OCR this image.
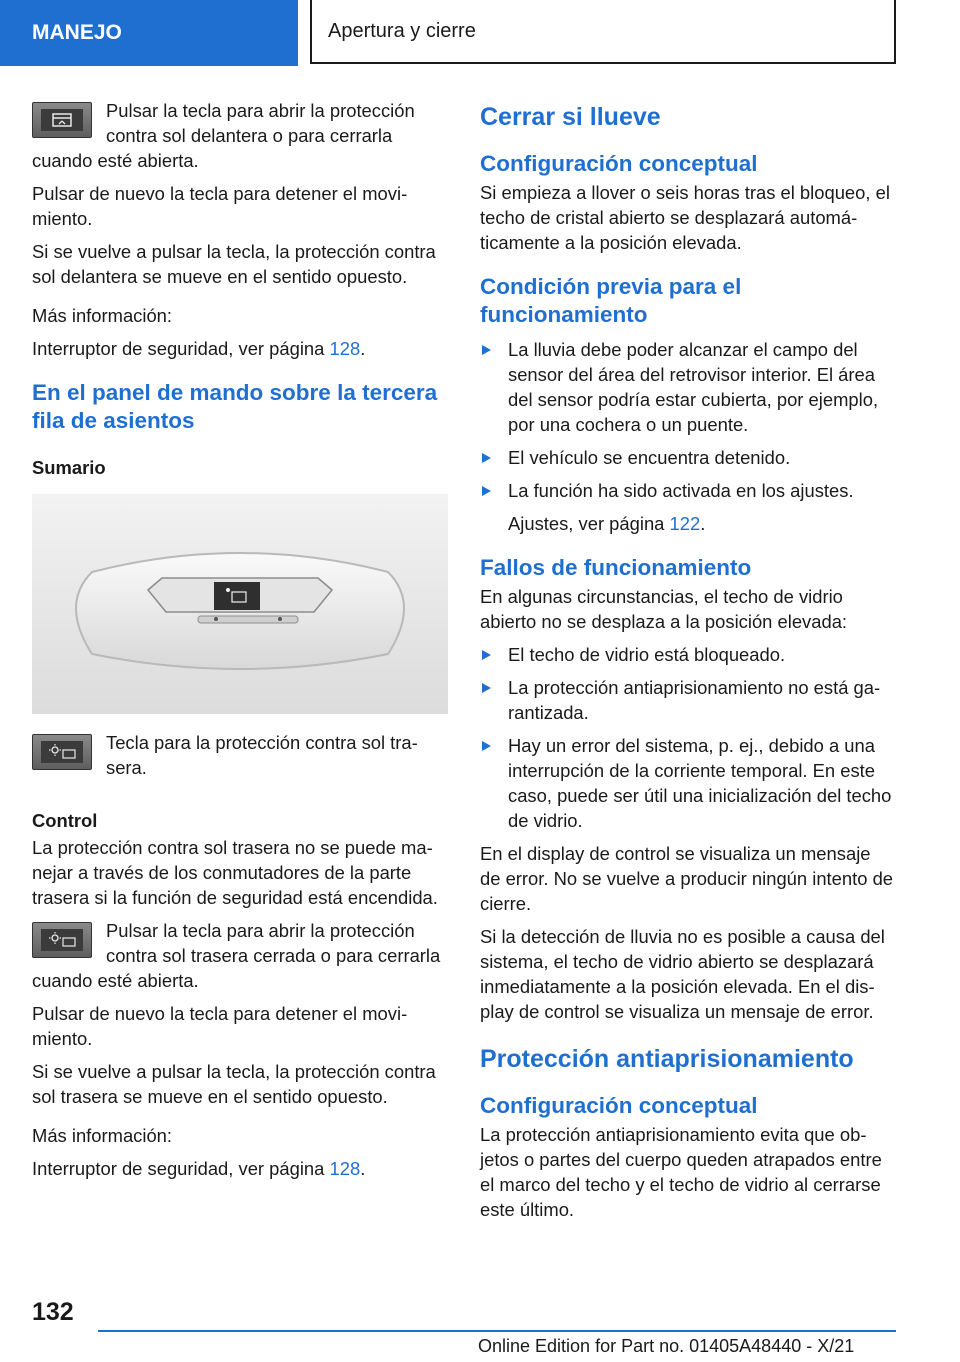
MANEJO	Apertura y cierre
Pulsar la tecla para abrir la protección contra sol delantera o para cerrarla cuando esté abierta.

Pulsar de nuevo la tecla para detener el movimiento.

Si se vuelve a pulsar la tecla, la protección contra sol delantera se mueve en el sentido opuesto.

Más información:

Interruptor de seguridad, ver página 128.

En el panel de mando sobre la tercera fila de asientos
Sumario
Tecla para la protección contra sol trasera.
Control

La protección contra sol trasera no se puede manejar a través de los conmutadores de la parte trasera si la función de seguridad está encendida.

Pulsar la tecla para abrir la protección contra sol trasera cerrada o para cerrarla cuando esté abierta.

Pulsar de nuevo la tecla para detener el movimiento.

Si se vuelve a pulsar la tecla, la protección contra sol trasera se mueve en el sentido opuesto.

Más información:

Interruptor de seguridad, ver página 128.

Cerrar si llueve
Configuración conceptual

Si empieza a llover o seis horas tras el bloqueo, el techo de cristal abierto se desplazará automáticamente a la posición elevada.

Condición previa para el funcionamiento
La lluvia debe poder alcanzar el campo del sensor del área del retrovisor interior. El área del sensor podría estar cubierta, por ejemplo, por una cochera o un puente.
El vehículo se encuentra detenido.
La función ha sido activada en los ajustes.

Ajustes, ver página 122.

Fallos de funcionamiento

En algunas circunstancias, el techo de vidrio abierto no se desplaza a la posición elevada:

El techo de vidrio está bloqueado.
La protección antiaprisionamiento no está garantizada.
Hay un error del sistema, p. ej., debido a una interrupción de la corriente temporal. En este caso, puede ser útil una inicialización del techo de vidrio.

En el display de control se visualiza un mensaje de error. No se vuelve a producir ningún intento de cierre.

Si la detección de lluvia no es posible a causa del sistema, el techo de vidrio abierto se desplazará inmediatamente a la posición elevada. En el display de control se visualiza un mensaje de error.

Protección antiaprisionamiento
Configuración conceptual

La protección antiaprisionamiento evita que objetos o partes del cuerpo queden atrapados entre el marco del techo y el techo de vidrio al cerrarse este último.

132
Online Edition for Part no. 01405A48440 - X/21
